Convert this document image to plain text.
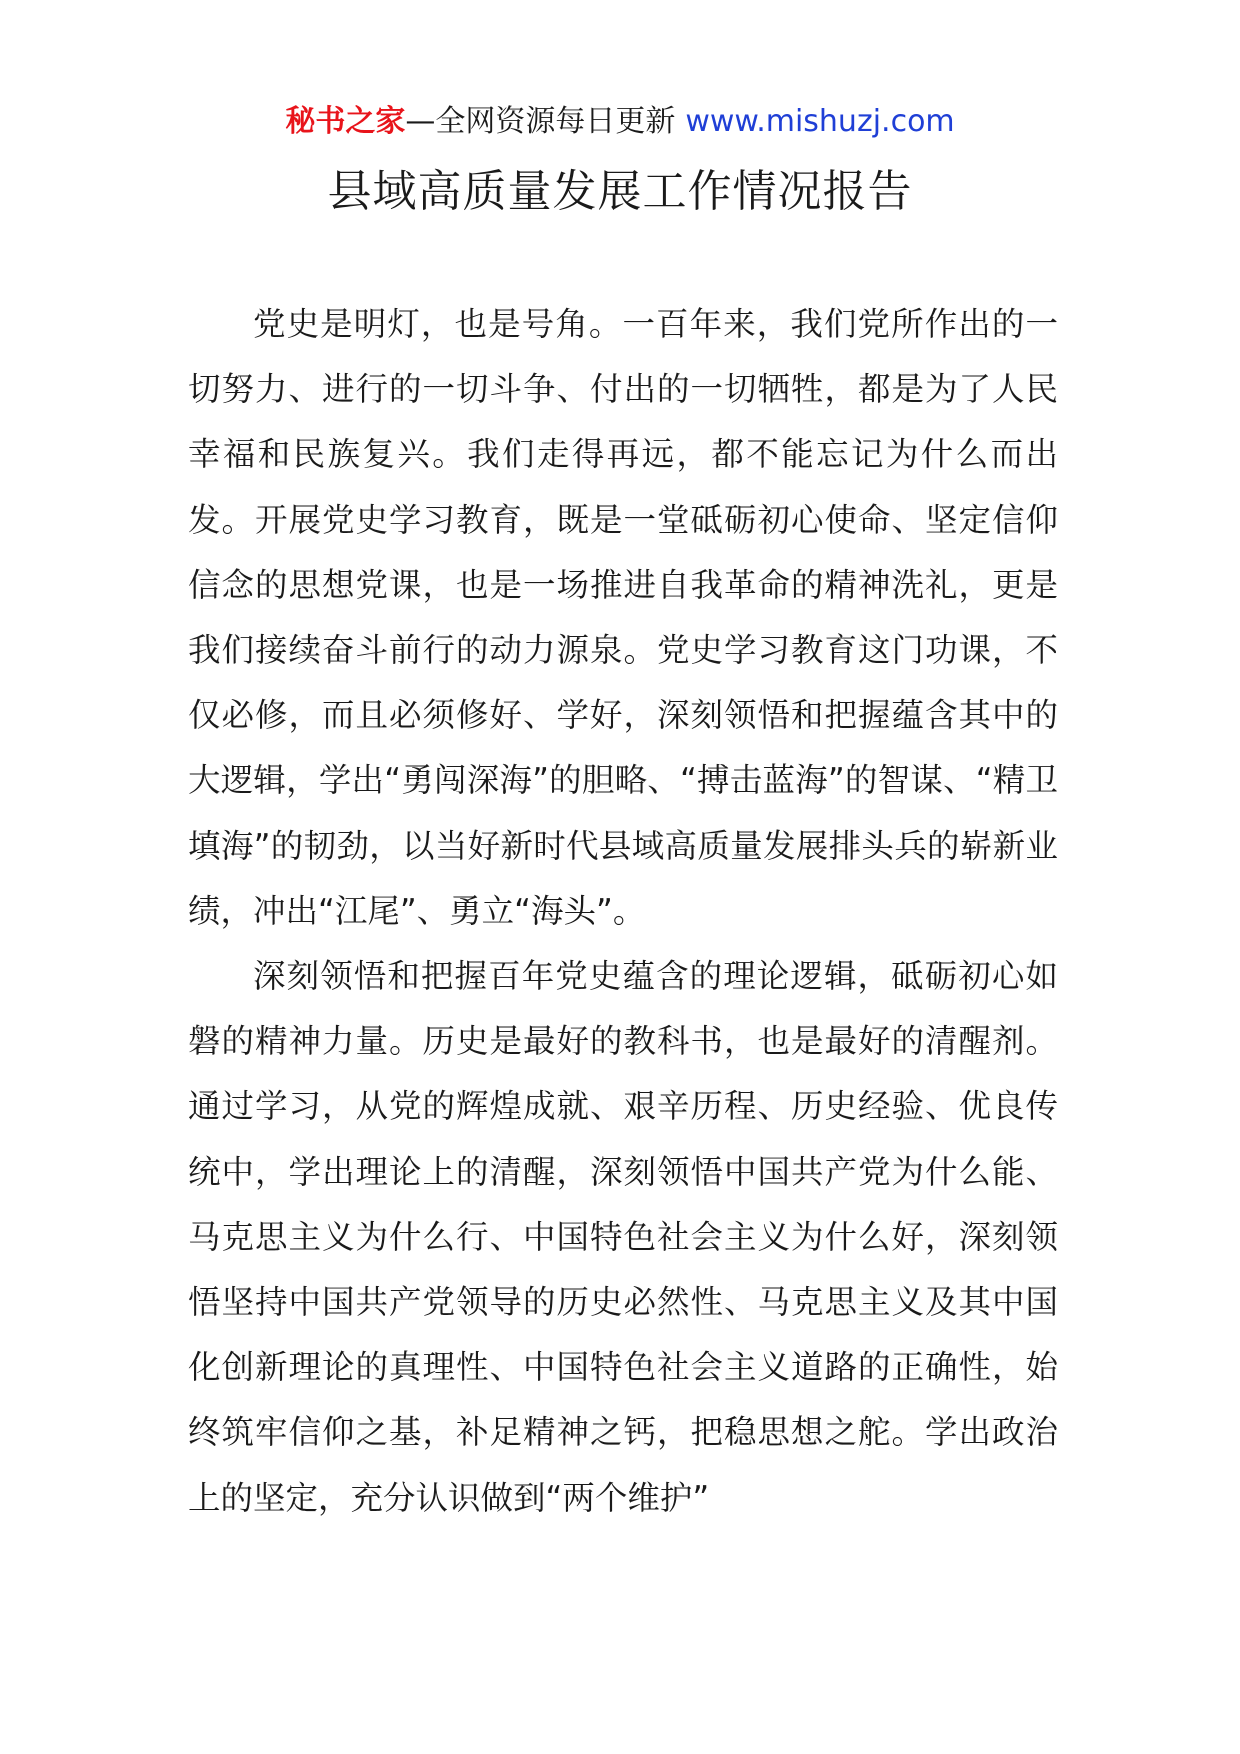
秘书之家—全网资源每日更新 www.mishuzj.com
县域高质量发展工作情况报告

党史是明灯，也是号角。一百年来，我们党所作出的一切努力、进行的一切斗争、付出的一切牺牲，都是为了人民幸福和民族复兴。我们走得再远，都不能忘记为什么而出发。开展党史学习教育，既是一堂砥砺初心使命、坚定信仰信念的思想党课，也是一场推进自我革命的精神洗礼，更是我们接续奋斗前行的动力源泉。党史学习教育这门功课，不仅必修，而且必须修好、学好，深刻领悟和把握蕴含其中的大逻辑，学出“勇闯深海”的胆略、“搏击蓝海”的智谋、“精卫填海”的韧劲，以当好新时代县域高质量发展排头兵的崭新业绩，冲出“江尾”、勇立“海头”。

深刻领悟和把握百年党史蕴含的理论逻辑，砥砺初心如磐的精神力量。历史是最好的教科书，也是最好的清醒剂。通过学习，从党的辉煌成就、艰辛历程、历史经验、优良传统中，学出理论上的清醒，深刻领悟中国共产党为什么能、马克思主义为什么行、中国特色社会主义为什么好，深刻领悟坚持中国共产党领导的历史必然性、马克思主义及其中国化创新理论的真理性、中国特色社会主义道路的正确性，始终筑牢信仰之基，补足精神之钙，把稳思想之舵。学出政治上的坚定，充分认识做到“两个维护”
